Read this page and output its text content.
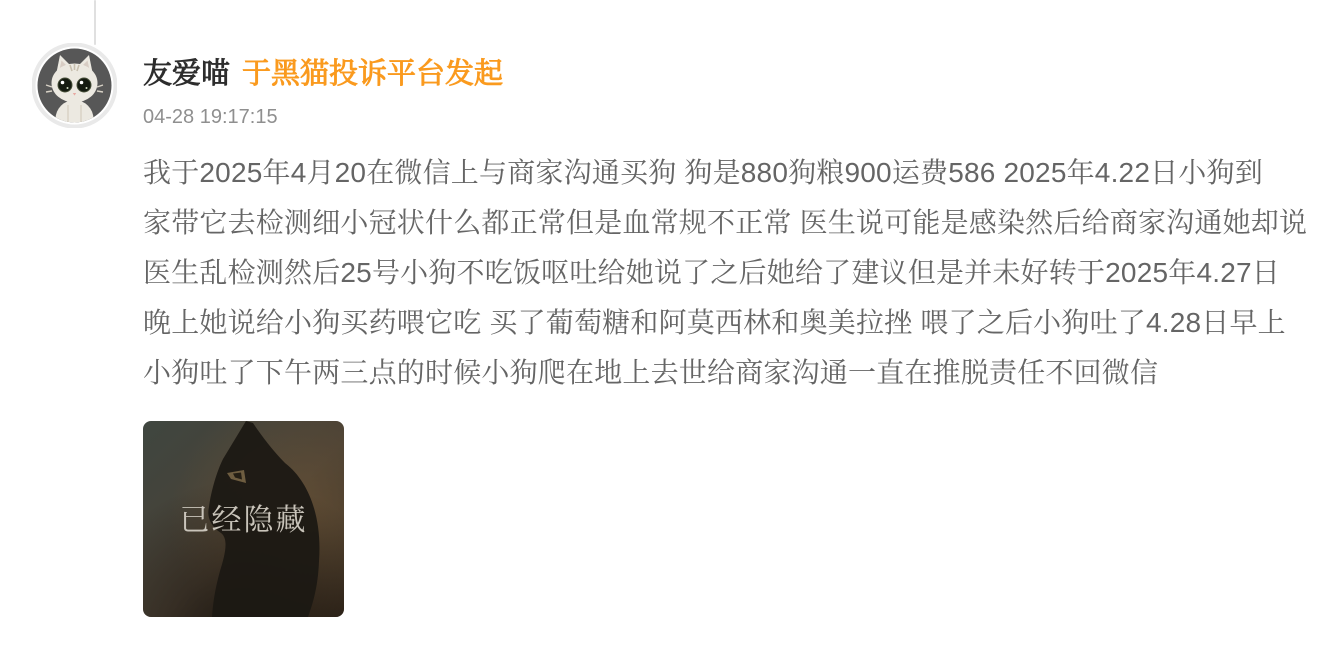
友爱喵 于黑猫投诉平台发起
04-28 19:17:15
我于2025年4月20在微信上与商家沟通买狗 狗是880狗粮900运费586 2025年4.22日小狗到
家带它去检测细小冠状什么都正常但是血常规不正常 医生说可能是感染然后给商家沟通她却说
医生乱检测然后25号小狗不吃饭呕吐给她说了之后她给了建议但是并未好转于2025年4.27日
晚上她说给小狗买药喂它吃 买了葡萄糖和阿莫西林和奥美拉挫 喂了之后小狗吐了4.28日早上
小狗吐了下午两三点的时候小狗爬在地上去世给商家沟通一直在推脱责任不回微信
已经隐藏
